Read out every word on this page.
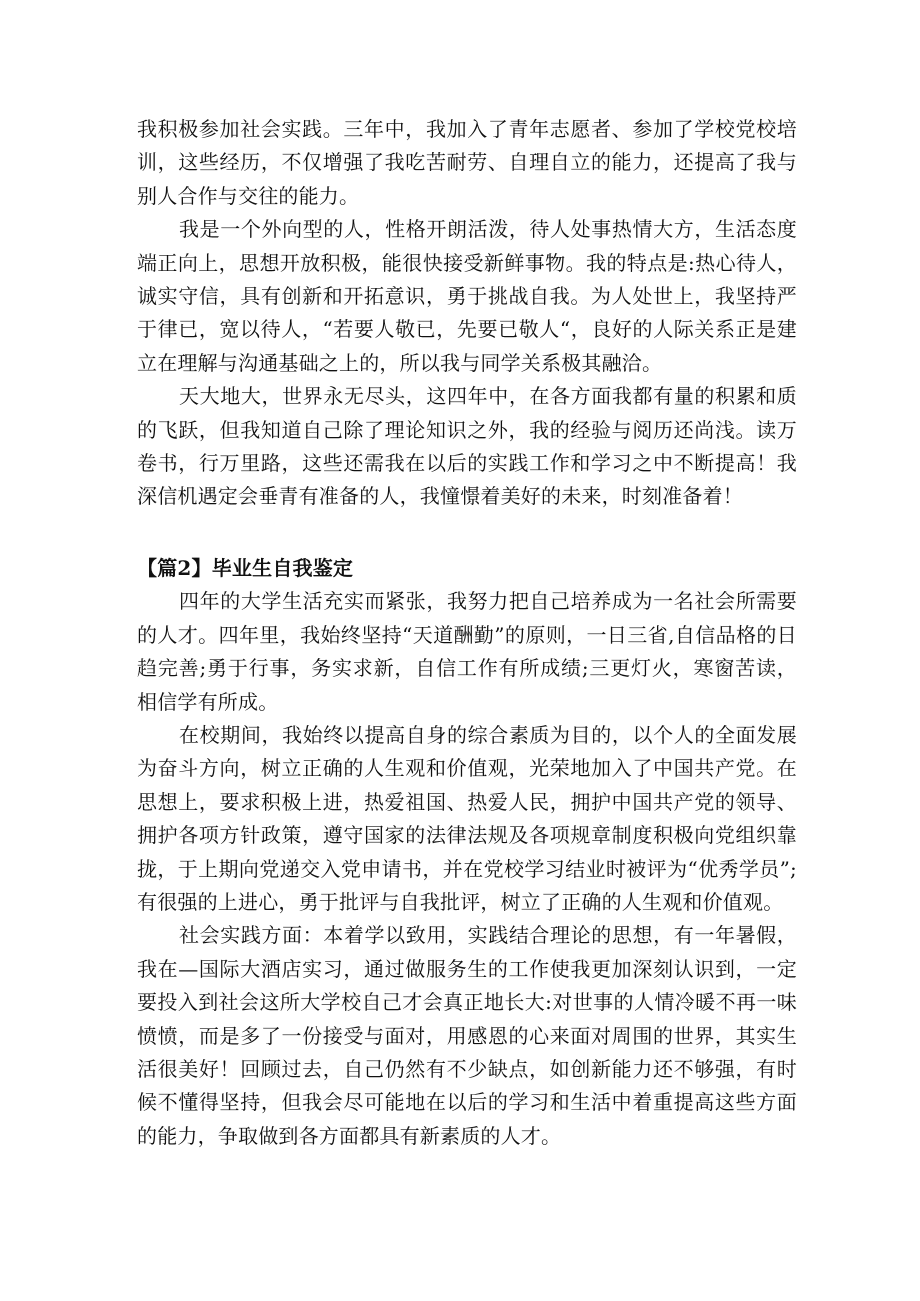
我积极参加社会实践。三年中，我加入了青年志愿者、参加了学校党校培训，这些经历，不仅增强了我吃苦耐劳、自理自立的能力，还提高了我与别人合作与交往的能力。

我是一个外向型的人，性格开朗活泼，待人处事热情大方，生活态度端正向上，思想开放积极，能很快接受新鲜事物。我的特点是:热心待人，诚实守信，具有创新和开拓意识，勇于挑战自我。为人处世上，我坚持严于律已，宽以待人，“若要人敬已，先要已敬人“，良好的人际关系正是建立在理解与沟通基础之上的，所以我与同学关系极其融洽。

天大地大，世界永无尽头，这四年中，在各方面我都有量的积累和质的飞跃，但我知道自己除了理论知识之外，我的经验与阅历还尚浅。读万卷书，行万里路，这些还需我在以后的实践工作和学习之中不断提高！我深信机遇定会垂青有准备的人，我憧憬着美好的未来，时刻准备着！

【篇2】毕业生自我鉴定

四年的大学生活充实而紧张，我努力把自己培养成为一名社会所需要的人才。四年里，我始终坚持“天道酬勤”的原则，一日三省,自信品格的日趋完善;勇于行事，务实求新，自信工作有所成绩;三更灯火，寒窗苦读，相信学有所成。

在校期间，我始终以提高自身的综合素质为目的，以个人的全面发展为奋斗方向，树立正确的人生观和价值观，光荣地加入了中国共产党。在思想上，要求积极上进，热爱祖国、热爱人民，拥护中国共产党的领导、拥护各项方针政策，遵守国家的法律法规及各项规章制度积极向党组织靠拢，于上期向党递交入党申请书，并在党校学习结业时被评为“优秀学员”;有很强的上进心，勇于批评与自我批评，树立了正确的人生观和价值观。

社会实践方面：本着学以致用，实践结合理论的思想，有一年暑假，我在—国际大酒店实习，通过做服务生的工作使我更加深刻认识到，一定要投入到社会这所大学校自己才会真正地长大:对世事的人情冷暖不再一味愤愤，而是多了一份接受与面对，用感恩的心来面对周围的世界，其实生活很美好！回顾过去，自己仍然有不少缺点，如创新能力还不够强，有时候不懂得坚持，但我会尽可能地在以后的学习和生活中着重提高这些方面的能力，争取做到各方面都具有新素质的人才。
